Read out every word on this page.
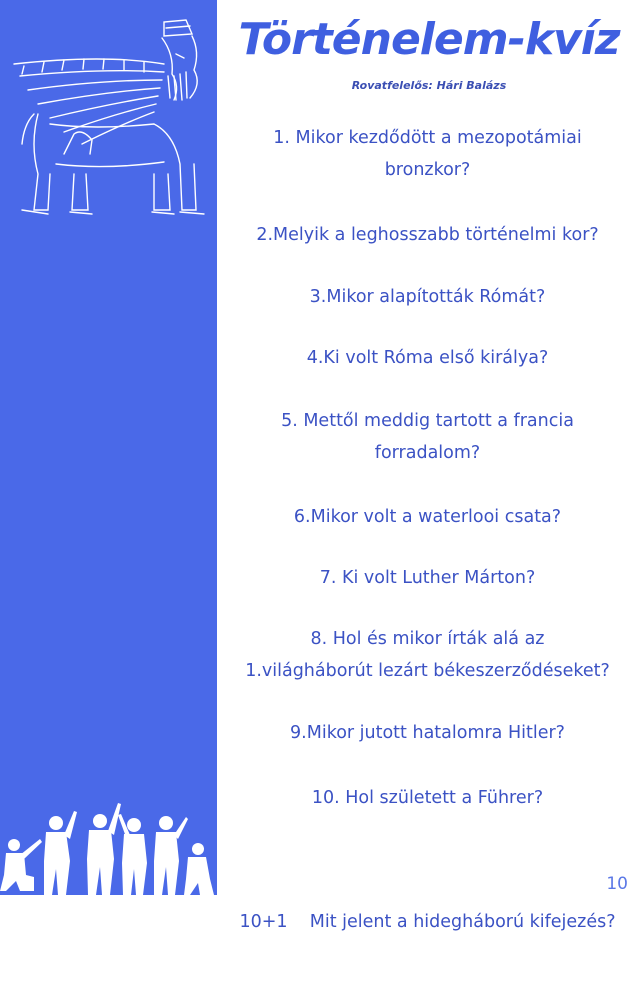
Történelem-kvíz
Rovatfelelős: Hári Balázs
1. Mikor kezdődött a mezopotámiai
bronzkor?
2.Melyik a leghosszabb történelmi kor?
3.Mikor alapították Rómát?
4.Ki volt Róma első királya?
5. Mettől meddig tartott a francia
forradalom?
6.Mikor volt a waterlooi csata?
7. Ki volt Luther Márton?
8. Hol és mikor írták alá az
1.világháborút lezárt békeszerződéseket?
9.Mikor jutott hatalomra Hitler?
10. Hol született a Führer?

10+1    Mit jelent a hidegháború kifejezés?

10
